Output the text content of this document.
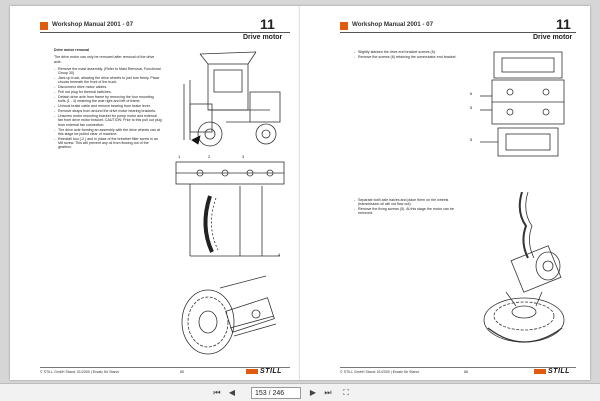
Workshop Manual 2001 - 07	11
Drive motor
Drive motor removal
The drive motor can only be removed after removal of the drive axle.
- Remove the mast assembly. (Refer to Mast Removal, Functional Group 30)
- Jack up truck, allowing the drive wheels to just turn freely. Place chocks beneath the front of the truck.
- Disconnect drive motor cables.
- Pull out plug for thermal switches.
- Detach drive axle from frame by removing the four mounting bolts (1 - 4) retaining the axle right and left of frame.
- Unhook brake cable and remove bearing from brake lever.
- Remove straps from around the drive motor bearing brackets.
- Unscrew motor mounting bracket for pump motor and external fan from drive motor bracket. CAUTION: Prior to this pull out plug from external fan connection.
- The drive axle forming an assembly with the drive wheels can at this stage be pulled clear of machine.
- Reinstall tool (-2 ) and in place of the breather filter screw in an M8 screw. This will prevent any oil from flowing out of the gearbox.
1	2	3
4
© STILL GmbH Stand: 01/2000 | Ersatz für Stand:	85	STILL
Workshop Manual 2001 - 07	11
Drive motor
- Slightly slacken the drive end bracket screws (5).
- Remove the screws (6) retaining the commutator end bracket.
6
5
5
- Separate both axle halves and place them on the wheels (transmission oil will not flow out).
- Remove the fixing screws (5). At this stage the motor can be removed.
© STILL GmbH Stand: 01/2000 | Ersatz für Stand:	86	STILL
⏮	◀
153 / 246	▶	⏭	⛶
